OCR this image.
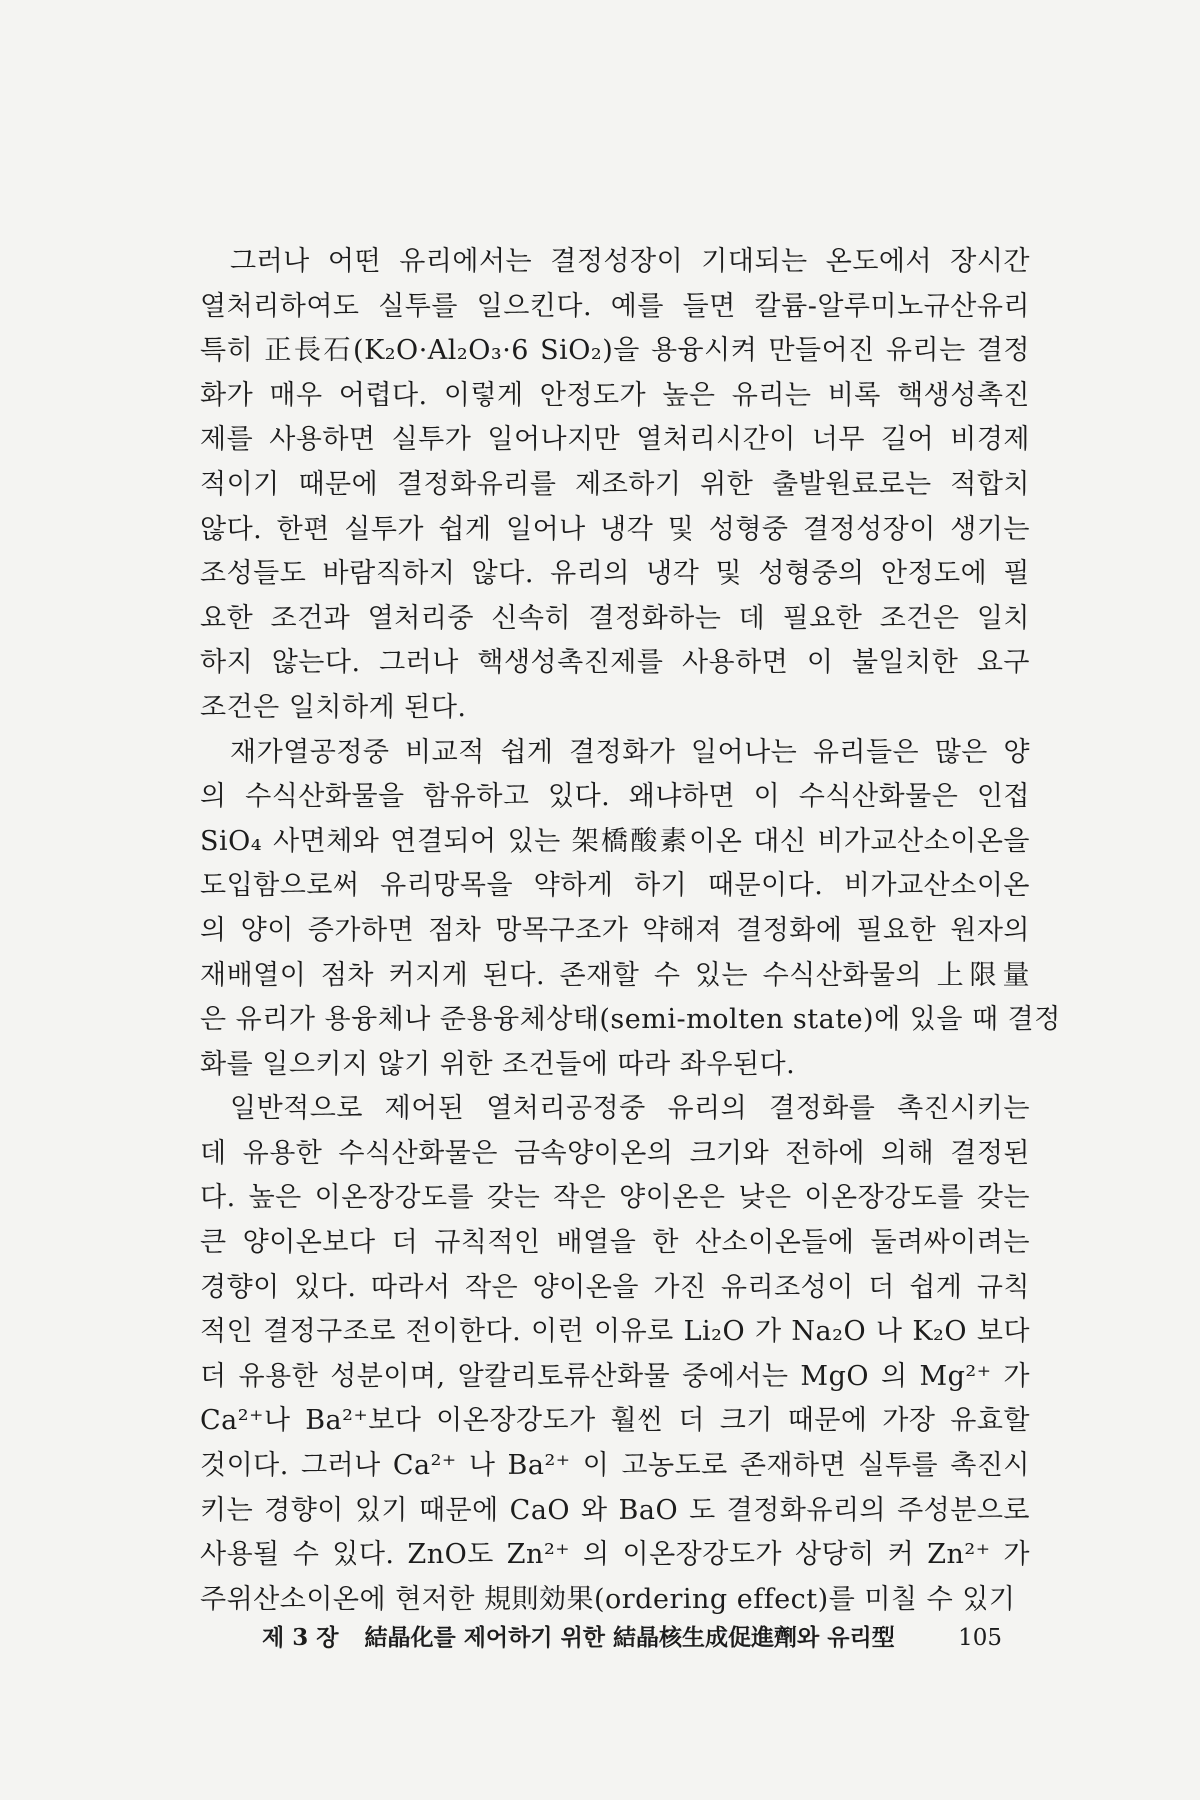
그러나 어떤 유리에서는 결정성장이 기대되는 온도에서 장시간
열처리하여도 실투를 일으킨다. 예를 들면 칼륨-알루미노규산유리
특히 正長石(K₂O·Al₂O₃·6 SiO₂)을 용융시켜 만들어진 유리는 결정
화가 매우 어렵다. 이렇게 안정도가 높은 유리는 비록 핵생성촉진
제를 사용하면 실투가 일어나지만 열처리시간이 너무 길어 비경제
적이기 때문에 결정화유리를 제조하기 위한 출발원료로는 적합치
않다. 한편 실투가 쉽게 일어나 냉각 및 성형중 결정성장이 생기는
조성들도 바람직하지 않다. 유리의 냉각 및 성형중의 안정도에 필
요한 조건과 열처리중 신속히 결정화하는 데 필요한 조건은 일치
하지 않는다. 그러나 핵생성촉진제를 사용하면 이 불일치한 요구
조건은 일치하게 된다.
재가열공정중 비교적 쉽게 결정화가 일어나는 유리들은 많은 양
의 수식산화물을 함유하고 있다. 왜냐하면 이 수식산화물은 인접
SiO₄ 사면체와 연결되어 있는 架橋酸素이온 대신 비가교산소이온을
도입함으로써 유리망목을 약하게 하기 때문이다. 비가교산소이온
의 양이 증가하면 점차 망목구조가 약해져 결정화에 필요한 원자의
재배열이 점차 커지게 된다. 존재할 수 있는 수식산화물의 上限量
은 유리가 용융체나 준용융체상태(semi-molten state)에 있을 때 결정
화를 일으키지 않기 위한 조건들에 따라 좌우된다.
일반적으로 제어된 열처리공정중 유리의 결정화를 촉진시키는
데 유용한 수식산화물은 금속양이온의 크기와 전하에 의해 결정된
다. 높은 이온장강도를 갖는 작은 양이온은 낮은 이온장강도를 갖는
큰 양이온보다 더 규칙적인 배열을 한 산소이온들에 둘려싸이려는
경향이 있다. 따라서 작은 양이온을 가진 유리조성이 더 쉽게 규칙
적인 결정구조로 전이한다. 이런 이유로 Li₂O 가 Na₂O 나 K₂O 보다
더 유용한 성분이며, 알칼리토류산화물 중에서는 MgO 의 Mg²⁺ 가
Ca²⁺나 Ba²⁺보다 이온장강도가 훨씬 더 크기 때문에 가장 유효할
것이다. 그러나 Ca²⁺ 나 Ba²⁺ 이 고농도로 존재하면 실투를 촉진시
키는 경향이 있기 때문에 CaO 와 BaO 도 결정화유리의 주성분으로
사용될 수 있다. ZnO도 Zn²⁺ 의 이온장강도가 상당히 커 Zn²⁺ 가
주위산소이온에 현저한 規則効果(ordering effect)를 미칠 수 있기
제 3 장 結晶化를 제어하기 위한 結晶核生成促進劑와 유리型	105
